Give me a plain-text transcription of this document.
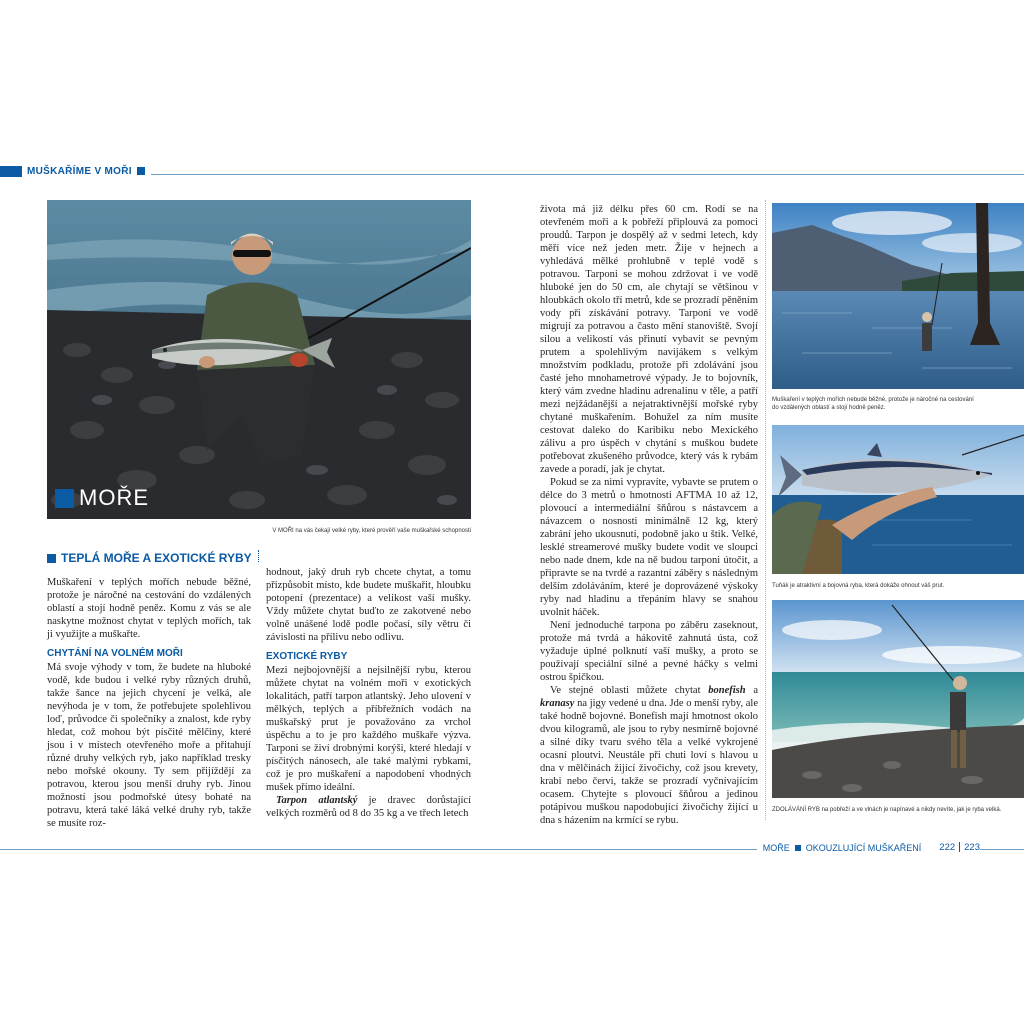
MUŠKAŘÍME V MOŘI
MOŘE
V MOŘI na vás čekají velké ryby, které prověří vaše muškařské schopnosti
TEPLÁ MOŘE A EXOTICKÉ RYBY

Muškaření v teplých mořích nebude běžné, protože je náročné na cestování do vzdálených oblastí a stojí hodně peněz. Komu z vás se ale naskytne možnost chytat v teplých mořích, tak ji využijte a muškařte.

CHYTÁNÍ NA VOLNÉM MOŘI

Má svoje výhody v tom, že budete na hluboké vodě, kde budou i velké ryby různých druhů, takže šance na jejich chycení je velká, ale nevýhoda je v tom, že potřebujete spolehlivou loď, průvodce či společníky a znalost, kde ryby hledat, což mohou být písčité mělčiny, které jsou i v místech otevřeného moře a přitahují různé druhy velkých ryb, jako například tresky nebo mořské okouny. Ty sem přijíždějí za potravou, kterou jsou menší druhy ryb. Jinou možností jsou podmořské útesy bohaté na potravu, která také láká velké druhy ryb, takže se musíte roz-

hodnout, jaký druh ryb chcete chytat, a tomu přizpůsobit místo, kde budete muškařit, hloubku potopení (prezentace) a velikost vaší mušky. Vždy můžete chytat buďto ze zakotvené nebo volně unášené lodě podle počasí, síly větru či závislosti na přílivu nebo odlivu.

EXOTICKÉ RYBY

Mezi nejbojovnější a nejsilnější rybu, kterou můžete chytat na volném moři v exotických lokalitách, patří tarpon atlantský. Jeho ulovení v mělkých, teplých a příbřežních vodách na muškařský prut je považováno za vrchol úspěchu a to je pro každého muškaře výzva. Tarponi se živí drobnými korýši, které hledají v písčitých nánosech, ale také malými rybkami, což je pro muškaření a napodobení vhodných mušek přímo ideální.

Tarpon atlantský je dravec dorůstající velkých rozměrů od 8 do 35 kg a ve třech letech

života má již délku přes 60 cm. Rodí se na otevřeném moři a k pobřeží připlouvá za pomoci proudů. Tarpon je dospělý až v sedmi letech, kdy měří více než jeden metr. Žije v hejnech a vyhledává mělké prohlubně v teplé vodě s potravou. Tarponi se mohou zdržovat i ve vodě hluboké jen do 50 cm, ale chytají se většinou v hloubkách okolo tří metrů, kde se prozradí pěněním vody při získávání potravy. Tarponi ve vodě migrují za potravou a často mění stanoviště. Svojí silou a velikostí vás přinutí vybavit se pevným prutem a spolehlivým navijákem s velkým množstvím podkladu, protože při zdolávání jsou časté jeho mnohametrové výpady. Je to bojovník, který vám zvedne hladinu adrenalinu v těle, a patří mezi nejžádanější a nejatraktivnější mořské ryby chytané muškařením. Bohužel za ním musíte cestovat daleko do Karibiku nebo Mexického zálivu a pro úspěch v chytání s muškou budete potřebovat zkušeného průvodce, který vás k rybám zavede a poradí, jak je chytat.

Pokud se za nimi vypravíte, vybavte se prutem o délce do 3 metrů o hmotnosti AFTMA 10 až 12, plovoucí a intermediální šňůrou s nástavcem a návazcem o nosnosti minimálně 12 kg, který zabrání jeho ukousnutí, podobně jako u štik. Velké, lesklé streamerové mušky budete vodit ve sloupci nebo nade dnem, kde na ně budou tarponi útočit, a připravte se na tvrdé a razantní záběry s následným delším zdoláváním, které je doprovázené výskoky ryby nad hladinu a třepáním hlavy se snahou uvolnit háček.

Není jednoduché tarpona po záběru zaseknout, protože má tvrdá a hákovitě zahnutá ústa, což vyžaduje úplné polknutí vaší mušky, a proto se používají speciální silné a pevné háčky s velmi ostrou špičkou.

Ve stejné oblasti můžete chytat bonefish a kranasy na jigy vedené u dna. Jde o menší ryby, ale také hodně bojovné. Bonefish mají hmotnost okolo dvou kilogramů, ale jsou to ryby nesmírně bojovné a silné díky tvaru svého těla a velké vykrojené ocasní ploutvi. Neustále při chuti loví s hlavou u dna v mělčinách žijící živočichy, což jsou krevety, krabi nebo červi, takže se prozradí vyčnívajícím ocasem. Chytejte s plovoucí šňůrou a jedinou potápivou muškou napodobující živočichy žijící u dna s házením na krmící se rybu.

Muškaření v teplých mořích nebude běžné, protože je náročné na cestování do vzdálených oblastí a stojí hodně peněz.
Tuňák je atraktivní a bojovná ryba, která dokáže ohnout váš prut.
ZDOLÁVÁNÍ RYB na pobřeží a ve vlnách je napínavé a nikdy nevíte, jak je ryba velká.
MOŘE OKOUZLUJÍCÍ MUŠKAŘENÍ 222 223
